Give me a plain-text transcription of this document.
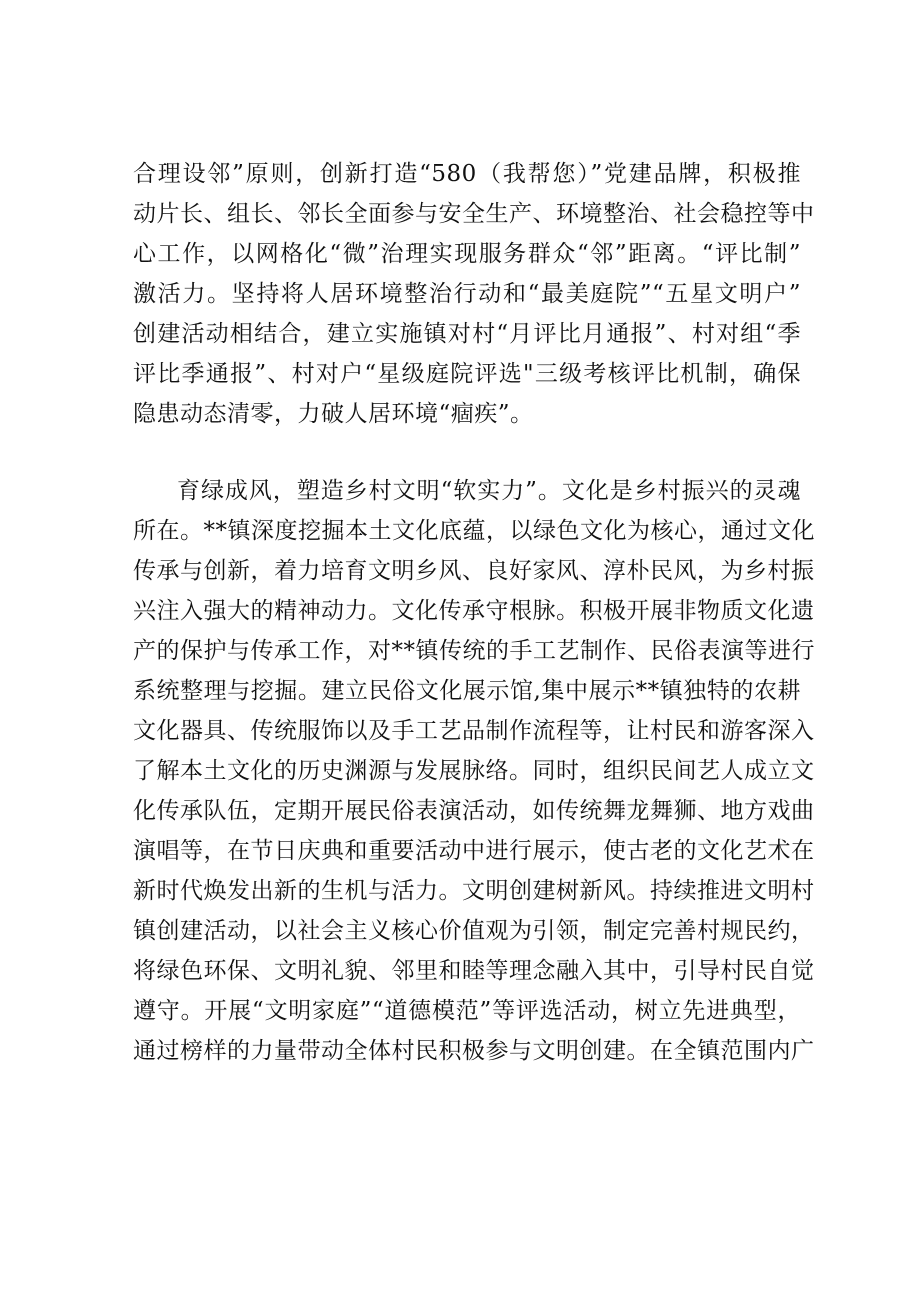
合理设邻”原则，创新打造“580（我帮您）”党建品牌，积极推
动片长、组长、邻长全面参与安全生产、环境整治、社会稳控等中
心工作，以网格化“微”治理实现服务群众“邻”距离。“评比制”
激活力。坚持将人居环境整治行动和“最美庭院”“五星文明户”
创建活动相结合，建立实施镇对村“月评比月通报”、村对组“季
评比季通报”、村对户“星级庭院评选"三级考核评比机制，确保
隐患动态清零，力破人居环境“痼疾”。
育绿成风，塑造乡村文明“软实力”。文化是乡村振兴的灵魂
所在。**镇深度挖掘本土文化底蕴，以绿色文化为核心，通过文化
传承与创新，着力培育文明乡风、良好家风、淳朴民风，为乡村振
兴注入强大的精神动力。文化传承守根脉。积极开展非物质文化遗
产的保护与传承工作，对**镇传统的手工艺制作、民俗表演等进行
系统整理与挖掘。建立民俗文化展示馆,集中展示**镇独特的农耕
文化器具、传统服饰以及手工艺品制作流程等，让村民和游客深入
了解本土文化的历史渊源与发展脉络。同时，组织民间艺人成立文
化传承队伍，定期开展民俗表演活动，如传统舞龙舞狮、地方戏曲
演唱等，在节日庆典和重要活动中进行展示，使古老的文化艺术在
新时代焕发出新的生机与活力。文明创建树新风。持续推进文明村
镇创建活动，以社会主义核心价值观为引领，制定完善村规民约，
将绿色环保、文明礼貌、邻里和睦等理念融入其中，引导村民自觉
遵守。开展“文明家庭”“道德模范”等评选活动，树立先进典型，
通过榜样的力量带动全体村民积极参与文明创建。在全镇范围内广
